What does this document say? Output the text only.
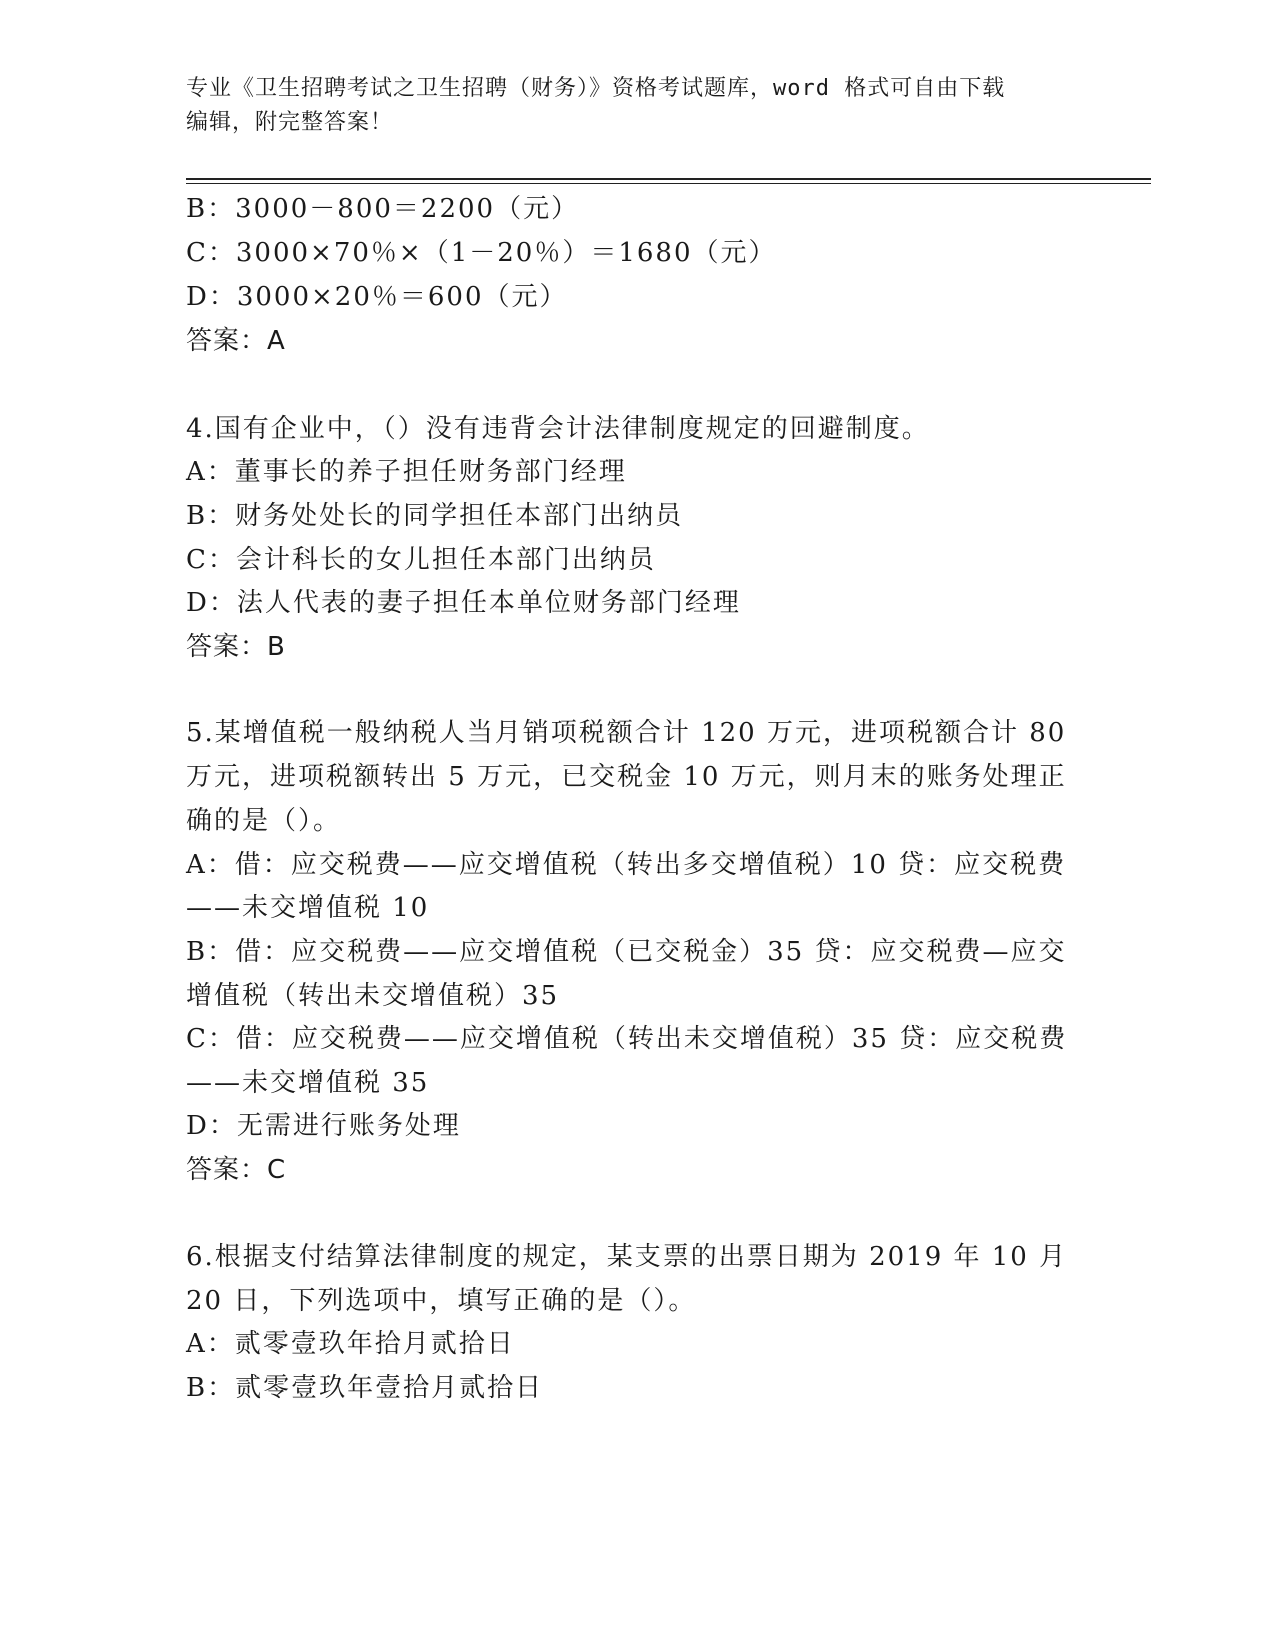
专业《卫生招聘考试之卫生招聘（财务）》资格考试题库，word 格式可自由下载
编辑，附完整答案！
B：3000－800＝2200（元）
C：3000×70％×（1－20％）＝1680（元）
D：3000×20％＝600（元）
答案：A
4.国有企业中，（）没有违背会计法律制度规定的回避制度。
A：董事长的养子担任财务部门经理
B：财务处处长的同学担任本部门出纳员
C：会计科长的女儿担任本部门出纳员
D：法人代表的妻子担任本单位财务部门经理
答案：B
5.某增值税一般纳税人当月销项税额合计 120 万元，进项税额合计 80
万元，进项税额转出 5 万元，已交税金 10 万元，则月末的账务处理正
确的是（）。
A：借：应交税费——应交增值税（转出多交增值税）10 贷：应交税费
——未交增值税 10
B：借：应交税费——应交增值税（已交税金）35 贷：应交税费—应交
增值税（转出未交增值税）35
C：借：应交税费——应交增值税（转出未交增值税）35 贷：应交税费
——未交增值税 35
D：无需进行账务处理
答案：C
6.根据支付结算法律制度的规定，某支票的出票日期为 2019 年 10 月
20 日，下列选项中，填写正确的是（）。
A：贰零壹玖年拾月贰拾日
B：贰零壹玖年壹拾月贰拾日
